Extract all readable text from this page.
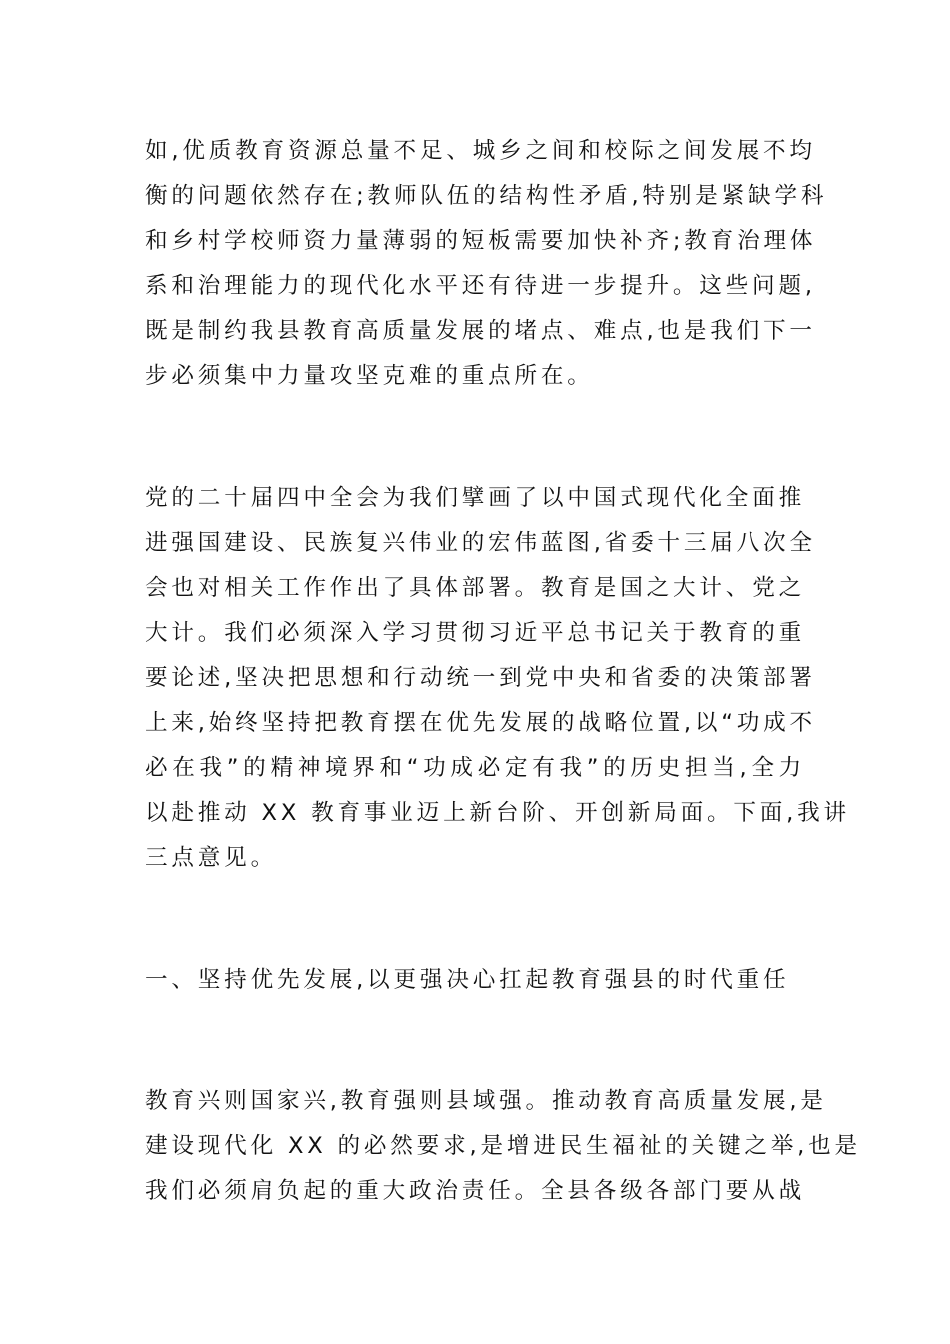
如,优质教育资源总量不足、城乡之间和校际之间发展不均
衡的问题依然存在;教师队伍的结构性矛盾,特别是紧缺学科
和乡村学校师资力量薄弱的短板需要加快补齐;教育治理体
系和治理能力的现代化水平还有待进一步提升。这些问题,
既是制约我县教育高质量发展的堵点、难点,也是我们下一
步必须集中力量攻坚克难的重点所在。
党的二十届四中全会为我们擘画了以中国式现代化全面推
进强国建设、民族复兴伟业的宏伟蓝图,省委十三届八次全
会也对相关工作作出了具体部署。教育是国之大计、党之
大计。我们必须深入学习贯彻习近平总书记关于教育的重
要论述,坚决把思想和行动统一到党中央和省委的决策部署
上来,始终坚持把教育摆在优先发展的战略位置,以“功成不
必在我”的精神境界和“功成必定有我”的历史担当,全力
以赴推动 XX 教育事业迈上新台阶、开创新局面。下面,我讲
三点意见。
一、坚持优先发展,以更强决心扛起教育强县的时代重任
教育兴则国家兴,教育强则县域强。推动教育高质量发展,是
建设现代化 XX 的必然要求,是增进民生福祉的关键之举,也是
我们必须肩负起的重大政治责任。全县各级各部门要从战
